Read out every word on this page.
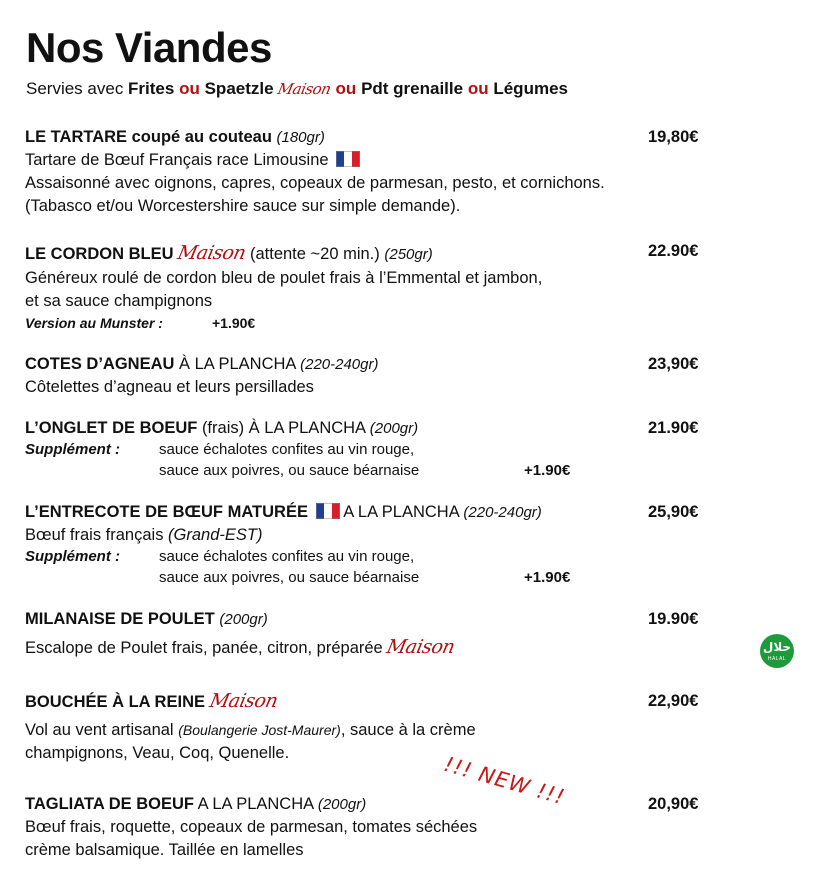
Nos Viandes
Servies avec Frites ou Spaetzle Maison ou Pdt grenaille ou Légumes
LE TARTARE coupé au couteau (180gr)	19,80€
Tartare de Bœuf Français race Limousine
Assaisonné avec oignons, capres, copeaux de parmesan, pesto, et cornichons.
(Tabasco et/ou Worcestershire sauce sur simple demande).
LE CORDON BLEU Maison (attente ~20 min.) (250gr)	22.90€
Généreux roulé de cordon bleu de poulet frais à l’Emmental et jambon,
et sa sauce champignons
Version au Munster :	+1.90€
COTES D’AGNEAU À LA PLANCHA (220-240gr)	23,90€
Côtelettes d’agneau et leurs persillades
L’ONGLET DE BOEUF (frais) À LA PLANCHA (200gr)	21.90€
Supplément :	sauce échalotes confites au vin rouge,
sauce aux poivres, ou sauce béarnaise	+1.90€
L’ENTRECOTE DE BŒUF MATURÉE A LA PLANCHA (220-240gr)	25,90€
Bœuf frais français (Grand-EST)
Supplément :	sauce échalotes confites au vin rouge,
sauce aux poivres, ou sauce béarnaise	+1.90€
MILANAISE DE POULET (200gr)	19.90€
Escalope de Poulet frais, panée, citron, préparée Maison	حلال
HALAL
BOUCHÉE À LA REINE Maison	22,90€
Vol au vent artisanal (Boulangerie Jost-Maurer), sauce à la crème
champignons, Veau, Coq, Quenelle.	!!! NEW !!!
TAGLIATA DE BOEUF A LA PLANCHA (200gr)	20,90€
Bœuf frais, roquette, copeaux de parmesan, tomates séchées
crème balsamique. Taillée en lamelles
